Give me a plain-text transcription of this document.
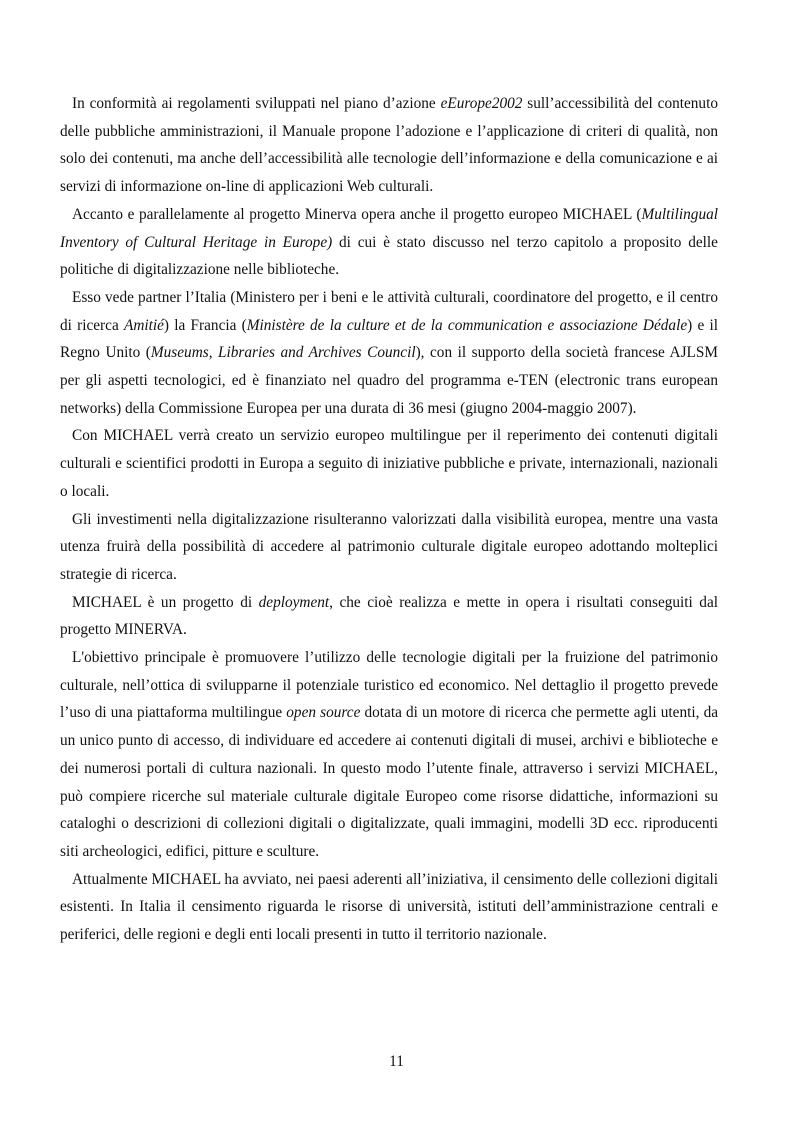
In conformità ai regolamenti sviluppati nel piano d’azione eEurope2002 sull’accessibilità del contenuto delle pubbliche amministrazioni, il Manuale propone l’adozione e l’applicazione di criteri di qualità, non solo dei contenuti, ma anche dell’accessibilità alle tecnologie dell’informazione e della comunicazione e ai servizi di informazione on-line di applicazioni Web culturali.

Accanto e parallelamente al progetto Minerva opera anche il progetto europeo MICHAEL (Multilingual Inventory of Cultural Heritage in Europe) di cui è stato discusso nel terzo capitolo a proposito delle politiche di digitalizzazione nelle biblioteche.

Esso vede partner l’Italia (Ministero per i beni e le attività culturali, coordinatore del progetto, e il centro di ricerca Amitié) la Francia (Ministère de la culture et de la communication e associazione Dédale) e il Regno Unito (Museums, Libraries and Archives Council), con il supporto della società francese AJLSM per gli aspetti tecnologici, ed è finanziato nel quadro del programma e-TEN (electronic trans european networks) della Commissione Europea per una durata di 36 mesi (giugno 2004-maggio 2007).

Con MICHAEL verrà creato un servizio europeo multilingue per il reperimento dei contenuti digitali culturali e scientifici prodotti in Europa a seguito di iniziative pubbliche e private, internazionali, nazionali o locali.

Gli investimenti nella digitalizzazione risulteranno valorizzati dalla visibilità europea, mentre una vasta utenza fruirà della possibilità di accedere al patrimonio culturale digitale europeo adottando molteplici strategie di ricerca.

MICHAEL è un progetto di deployment, che cioè realizza e mette in opera i risultati conseguiti dal progetto MINERVA.

L'obiettivo principale è promuovere l’utilizzo delle tecnologie digitali per la fruizione del patrimonio culturale, nell’ottica di svilupparne il potenziale turistico ed economico. Nel dettaglio il progetto prevede l’uso di una piattaforma multilingue open source dotata di un motore di ricerca che permette agli utenti, da un unico punto di accesso, di individuare ed accedere ai contenuti digitali di musei, archivi e biblioteche e dei numerosi portali di cultura nazionali. In questo modo l’utente finale, attraverso i servizi MICHAEL, può compiere ricerche sul materiale culturale digitale Europeo come risorse didattiche, informazioni su cataloghi o descrizioni di collezioni digitali o digitalizzate, quali immagini, modelli 3D ecc. riproducenti siti archeologici, edifici, pitture e sculture.

Attualmente MICHAEL ha avviato, nei paesi aderenti all’iniziativa, il censimento delle collezioni digitali esistenti. In Italia il censimento riguarda le risorse di università, istituti dell’amministrazione centrali e periferici, delle regioni e degli enti locali presenti in tutto il territorio nazionale.

11
